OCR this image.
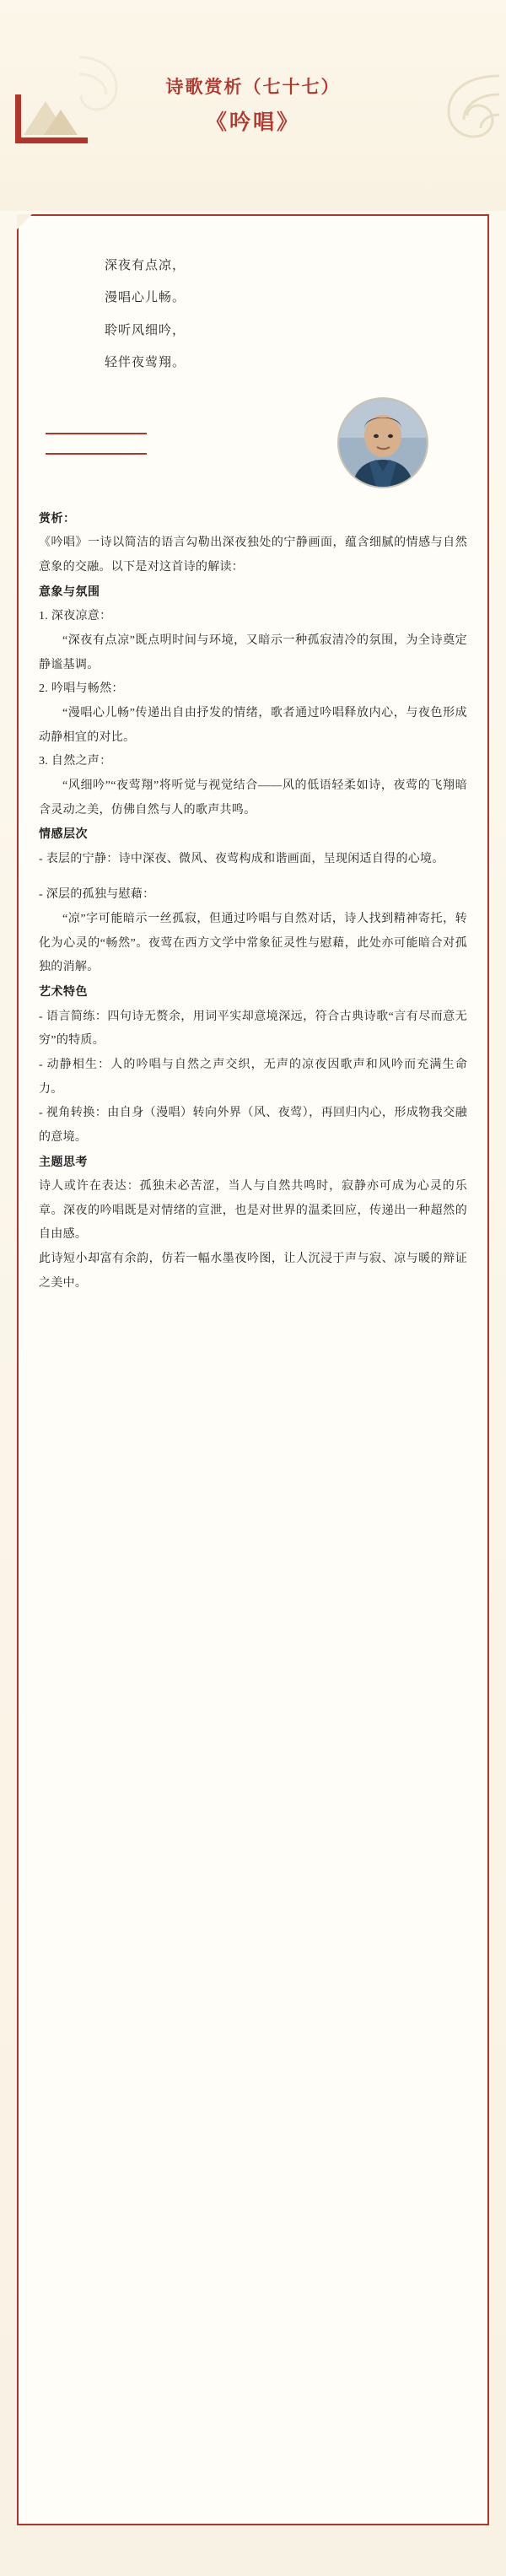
诗歌赏析（七十七）
《吟唱》
深夜有点凉，
漫唱心儿畅。
聆听风细吟，
轻伴夜莺翔。
赏析：

《吟唱》一诗以简洁的语言勾勒出深夜独处的宁静画面，蕴含细腻的情感与自然意象的交融。以下是对这首诗的解读：

意象与氛围

1. 深夜凉意：

“深夜有点凉”既点明时间与环境，又暗示一种孤寂清冷的氛围，为全诗奠定静谧基调。

2. 吟唱与畅然：

“漫唱心儿畅”传递出自由抒发的情绪，歌者通过吟唱释放内心，与夜色形成动静相宜的对比。

3. 自然之声：

“风细吟”“夜莺翔”将听觉与视觉结合——风的低语轻柔如诗，夜莺的飞翔暗含灵动之美，仿佛自然与人的歌声共鸣。

情感层次

- 表层的宁静：诗中深夜、微风、夜莺构成和谐画面，呈现闲适自得的心境。

- 深层的孤独与慰藉：

“凉”字可能暗示一丝孤寂，但通过吟唱与自然对话，诗人找到精神寄托，转化为心灵的“畅然”。夜莺在西方文学中常象征灵性与慰藉，此处亦可能暗合对孤独的消解。

艺术特色

- 语言简练：四句诗无赘余，用词平实却意境深远，符合古典诗歌“言有尽而意无穷”的特质。

- 动静相生：人的吟唱与自然之声交织，无声的凉夜因歌声和风吟而充满生命力。

- 视角转换：由自身（漫唱）转向外界（风、夜莺），再回归内心，形成物我交融的意境。

主题思考

诗人或许在表达：孤独未必苦涩，当人与自然共鸣时，寂静亦可成为心灵的乐章。深夜的吟唱既是对情绪的宣泄，也是对世界的温柔回应，传递出一种超然的自由感。

此诗短小却富有余韵，仿若一幅水墨夜吟图，让人沉浸于声与寂、凉与暖的辩证之美中。
